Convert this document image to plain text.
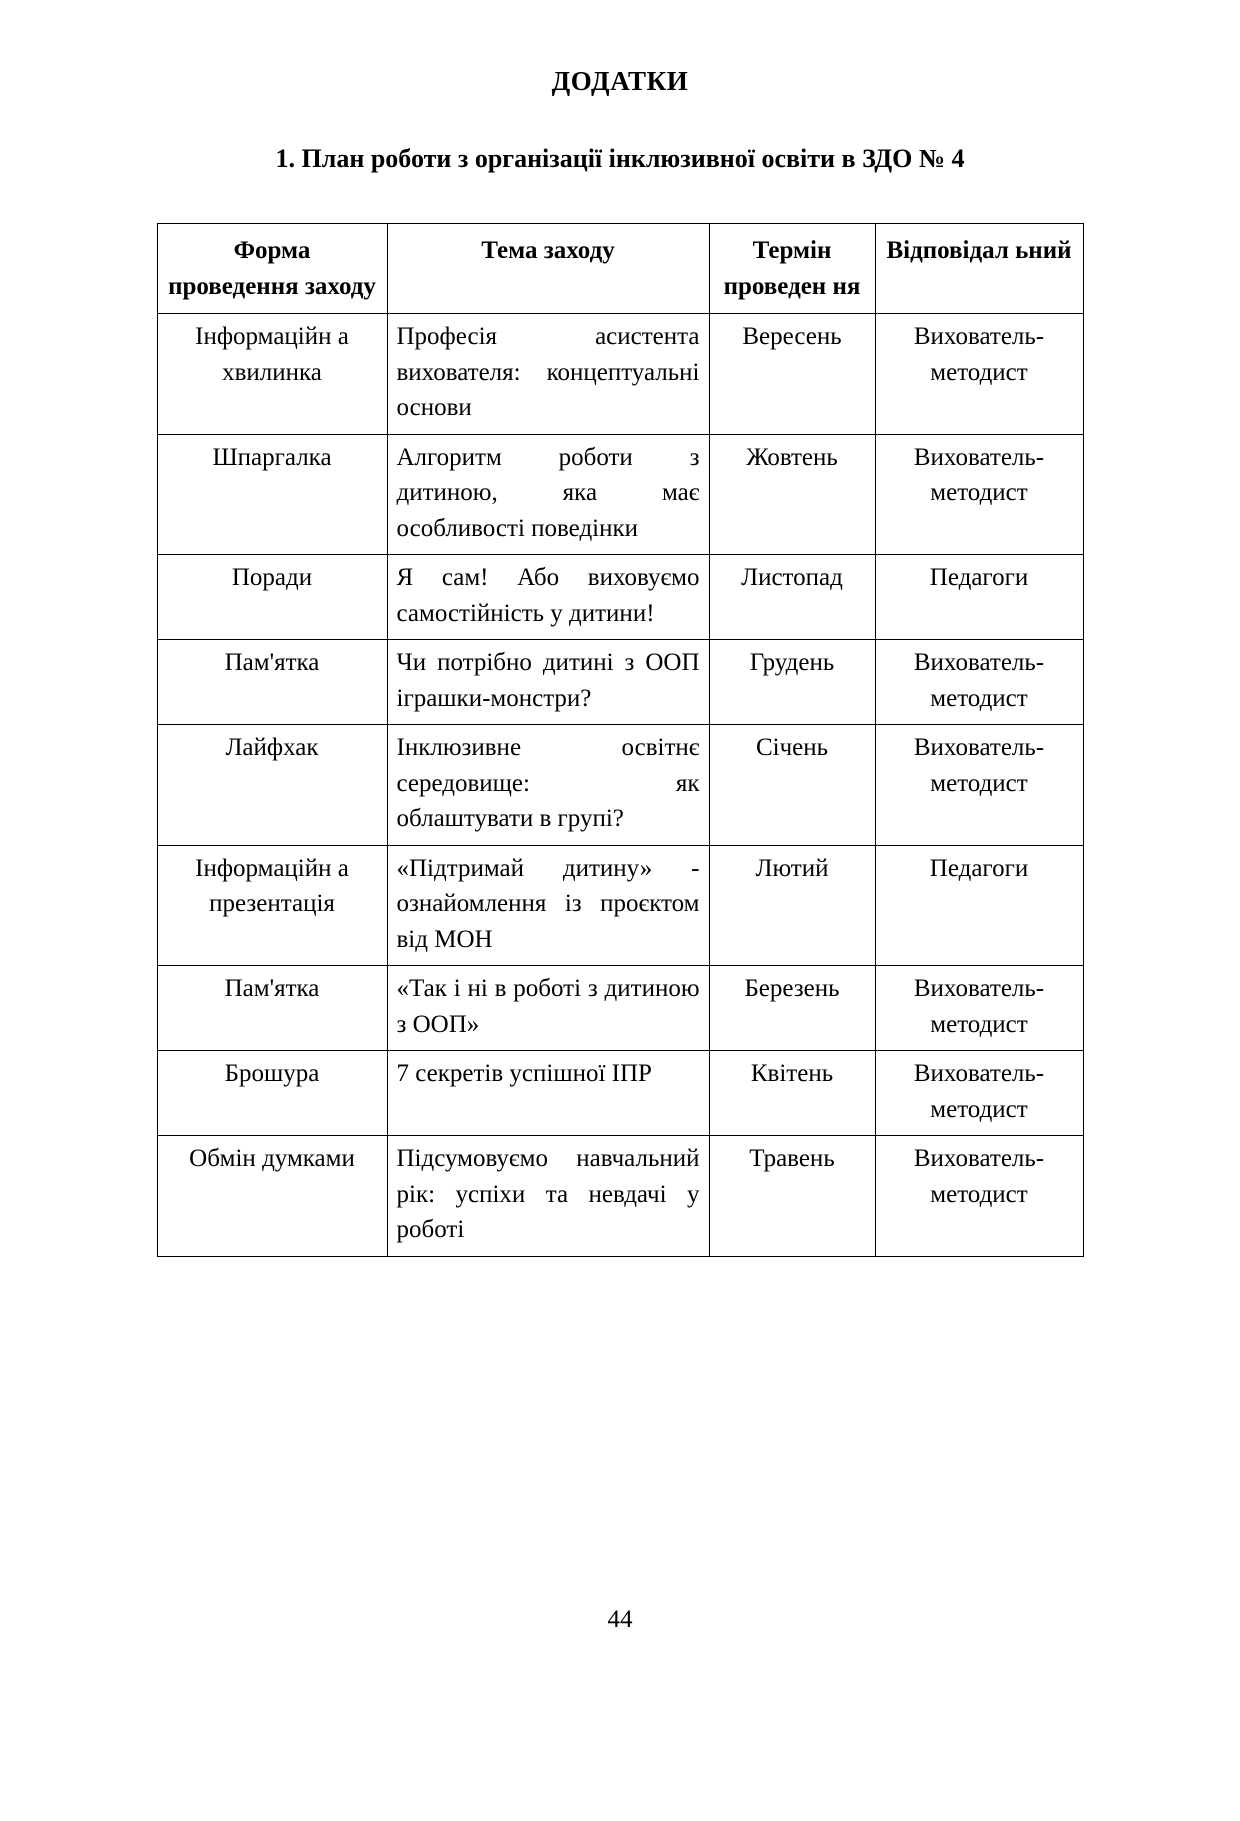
ДОДАТКИ
1. План роботи з організації інклюзивної освіти в ЗДО № 4
Форма проведення заходу	Тема заходу	Термін проведен ня	Відповідал ьний
Інформаційн а хвилинка	Професія асистента вихователя: концептуальні основи	Вересень	Вихователь-методист
Шпаргалка	Алгоритм роботи з дитиною, яка має особливості поведінки	Жовтень	Вихователь-методист
Поради	Я сам! Або виховуємо самостійність у дитини!	Листопад	Педагоги
Пам'ятка	Чи потрібно дитині з ООП іграшки-монстри?	Грудень	Вихователь-методист
Лайфхак	Інклюзивне освітнє середовище: як облаштувати в групі?	Січень	Вихователь-методист
Інформаційн а презентація	«Підтримай дитину» - ознайомлення із проєктом від МОН	Лютий	Педагоги
Пам'ятка	«Так і ні в роботі з дитиною з ООП»	Березень	Вихователь-методист
Брошура	7 секретів успішної ІПР	Квітень	Вихователь-методист
Обмін думками	Підсумовуємо навчальний рік: успіхи та невдачі у роботі	Травень	Вихователь-методист
44
